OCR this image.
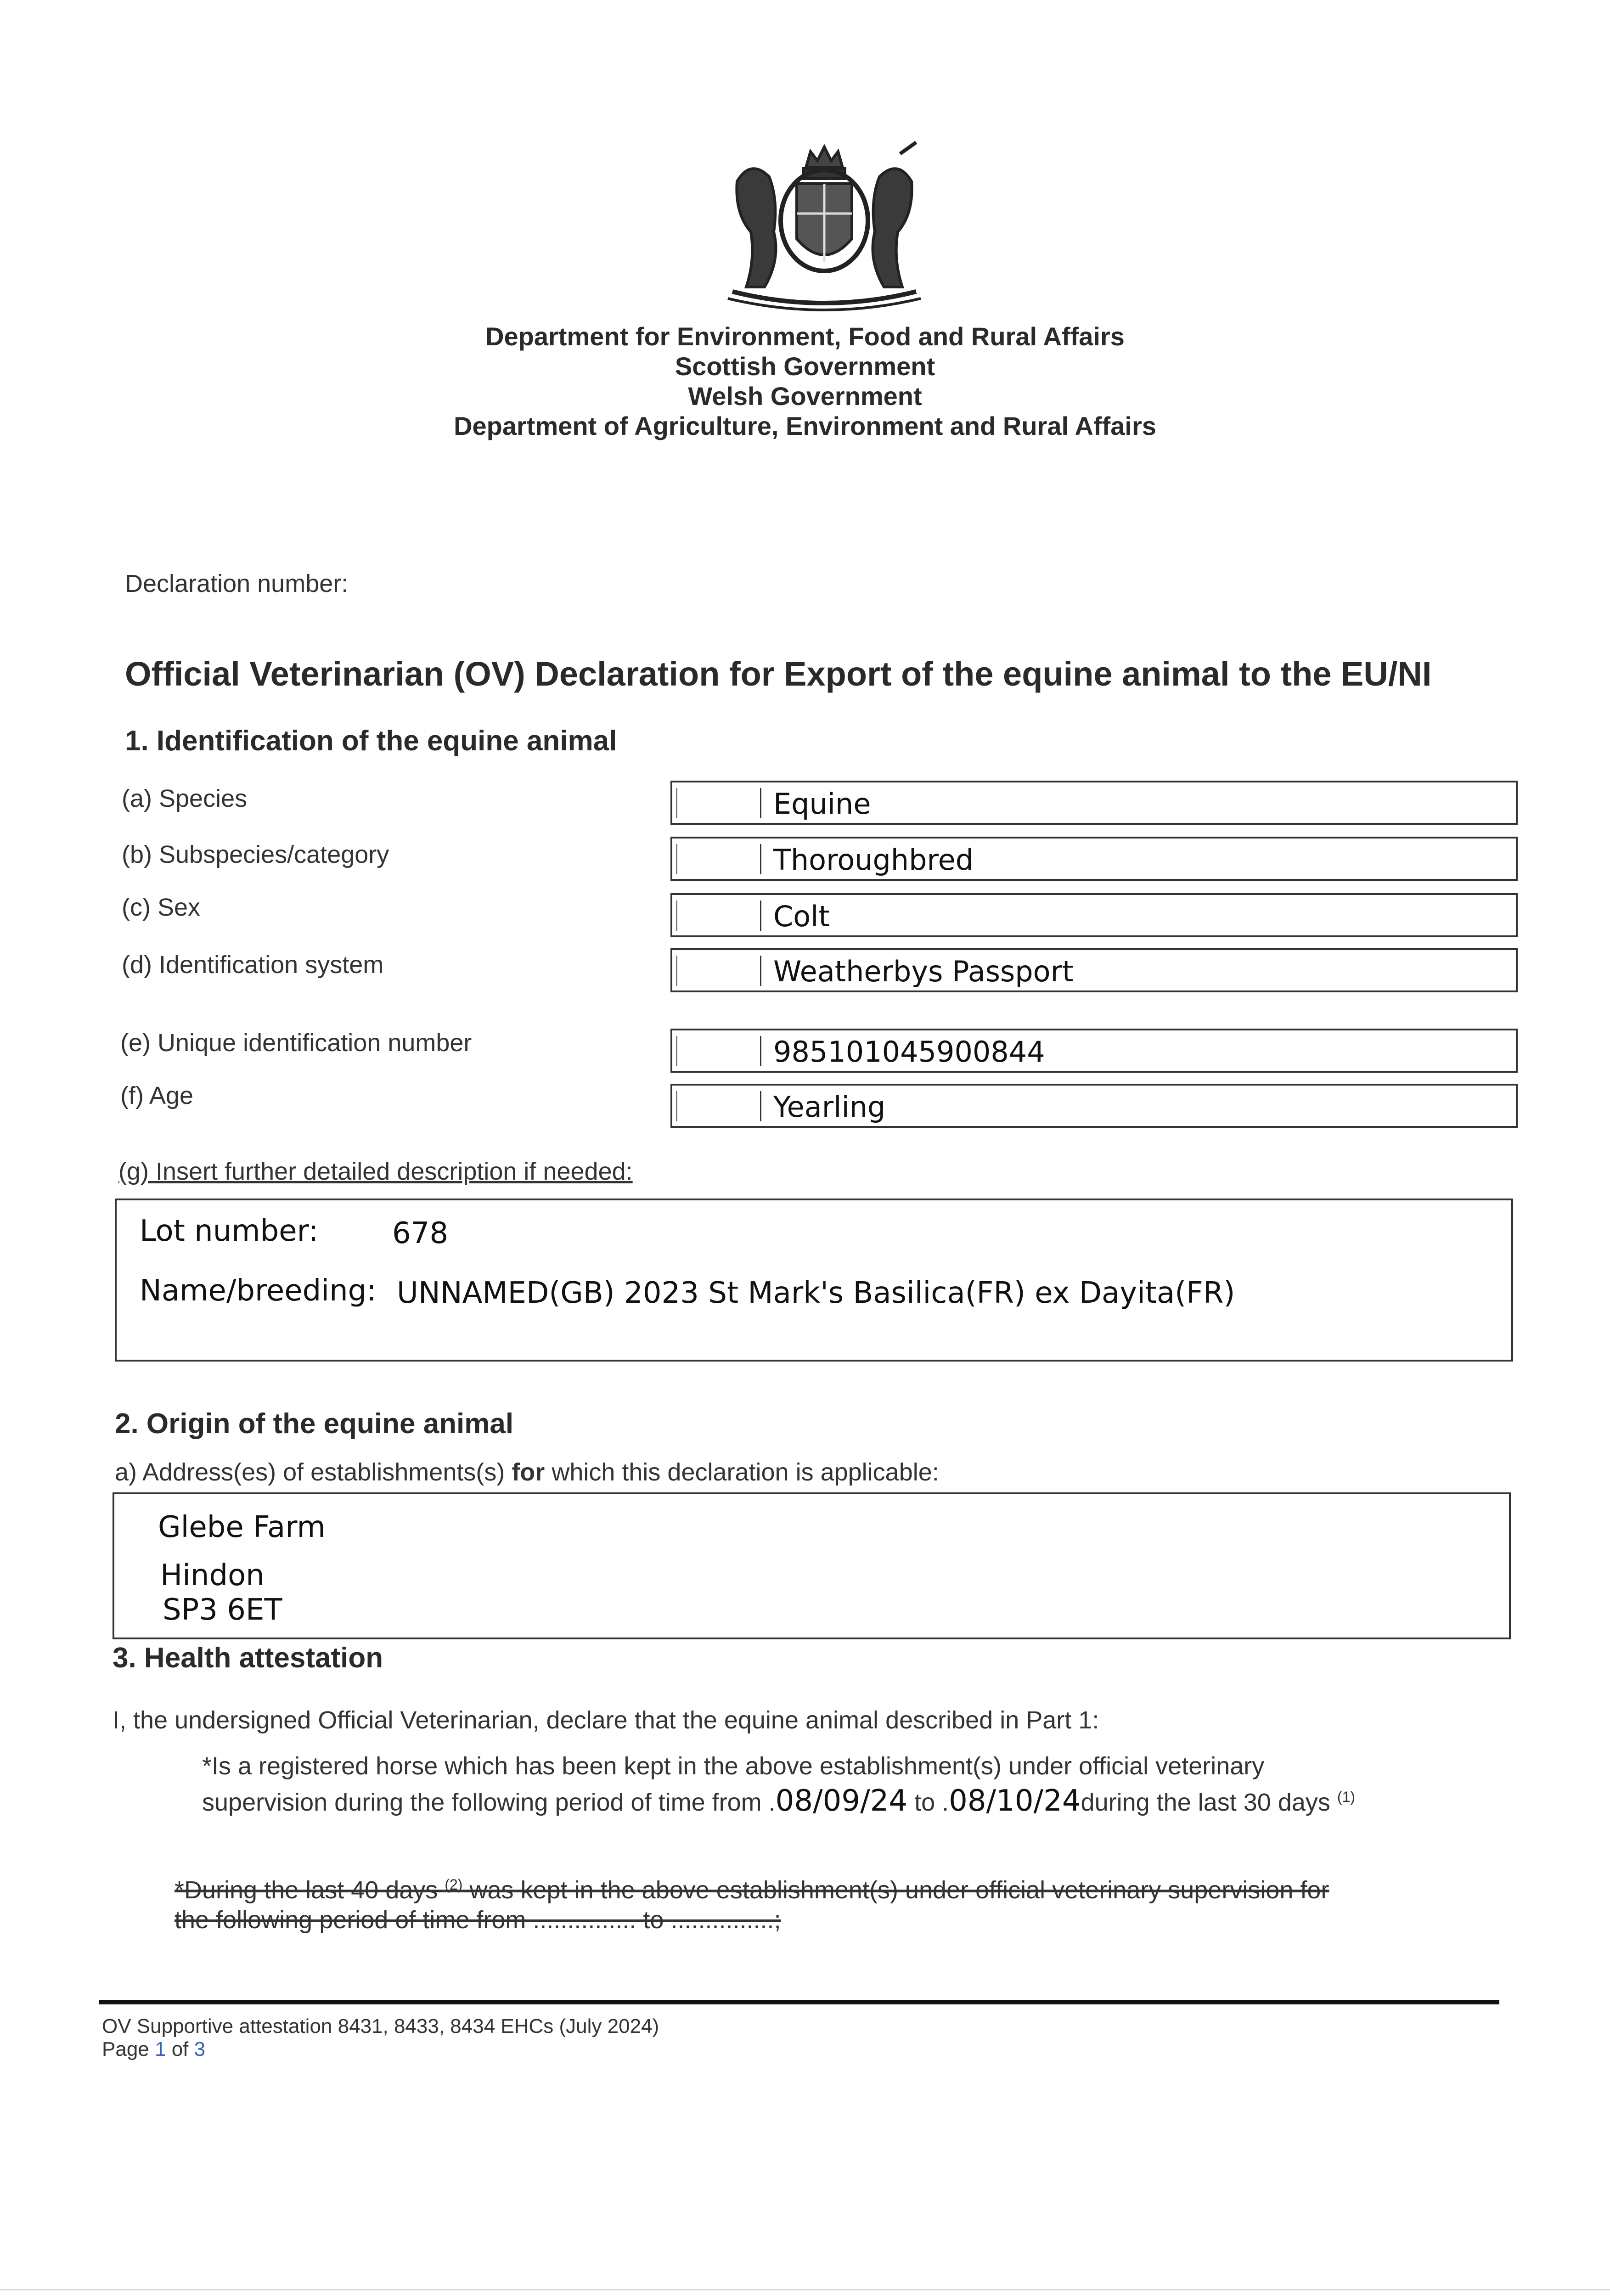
Department for Environment, Food and Rural Affairs
Scottish Government
Welsh Government
Department of Agriculture, Environment and Rural Affairs
Declaration number:
Official Veterinarian (OV) Declaration for Export of the equine animal to the EU/NI
1. Identification of the equine animal
(a) Species	Equine
(b) Subspecies/category	Thoroughbred
(c) Sex	Colt
(d) Identification system	Weatherbys Passport
(e) Unique identification number	985101045900844
(f) Age	Yearling
(g) Insert further detailed description if needed:
Lot number:	678
Name/breeding: UNNAMED(GB) 2023 St Mark's Basilica(FR) ex Dayita(FR)
2. Origin of the equine animal
a) Address(es) of establishments(s) for which this declaration is applicable:
Glebe Farm
Hindon
SP3 6ET
3. Health attestation
I, the undersigned Official Veterinarian, declare that the equine animal described in Part 1:
*Is a registered horse which has been kept in the above establishment(s) under official veterinary
supervision during the following period of time from .08/09/24 to .08/10/24during the last 30 days $^{(1)}$
*During the last 40 days $^{(2)}$ was kept in the above establishment(s) under official veterinary supervision for
the following period of time from ............... to ...............;
OV Supportive attestation 8431, 8433, 8434 EHCs (July 2024)
Page 1 of 3
